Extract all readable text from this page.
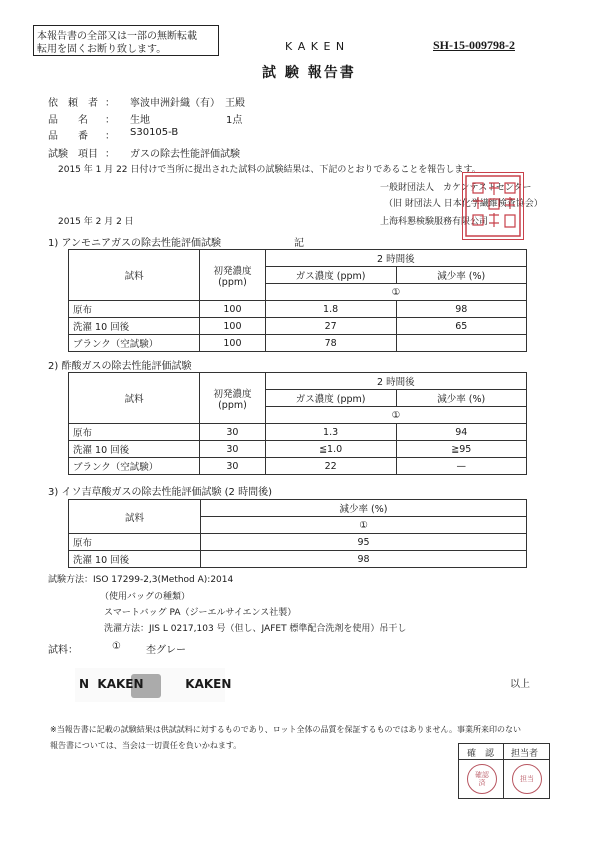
本報告書の全部又は一部の無断転載
転用を固くお断り致します。	K A K E N	SH-15-009798-2
試 験 報告書
依　頼　者 ： 寧波申洲針織（有）　王殿
品　　名 ： 生地	1点
品　　番 ： S30105-B
試験　項目 ： ガスの除去性能評価試験
2015 年 1 月 22 日付けで当所に提出された試料の試験結果は、下記のとおりであることを報告します。
一般財団法人　カケンテストセンター
（旧 財団法人 日本化学繊維検査協会）
上海科懇検験服務有限公司
2015 年 2 月 2 日
記
1) アンモニアガスの除去性能評価試験
試料	初発濃度
(ppm)	2 時間後	
		ガス濃度 (ppm)	減少率 (%)
		①	
原布	100	1.8	98
洗濯 10 回後	100	27	65
ブランク（空試験）	100	78	
2) 酢酸ガスの除去性能評価試験
試料	初発濃度
(ppm)	2 時間後	
		ガス濃度 (ppm)	減少率 (%)
		①	
原布	30	1.3	94
洗濯 10 回後	30	≦1.0	≧95
ブランク（空試験）	30	22	—
3) イソ吉草酸ガスの除去性能評価試験 (2 時間後)
試料	減少率 (%)
	①
原布	95
洗濯 10 回後	98
試験方法：ISO 17299-2,3(Method A):2014
（使用バッグの種類）
スマートバッグ PA（ジーエルサイエンス社製）
洗濯方法：JIS L 0217,103 号（但し、JAFET 標準配合洗剤を使用）吊干し
試料：	①	杢グレー
N  KAKEN          KAKEN	以上
※当報告書に記載の試験結果は供試試料に対するものであり、ロット全体の品質を保証するものではありません。事業所来印のない
報告書については、当会は一切責任を負いかねます。
確　認 担当者
確認
済	担当
